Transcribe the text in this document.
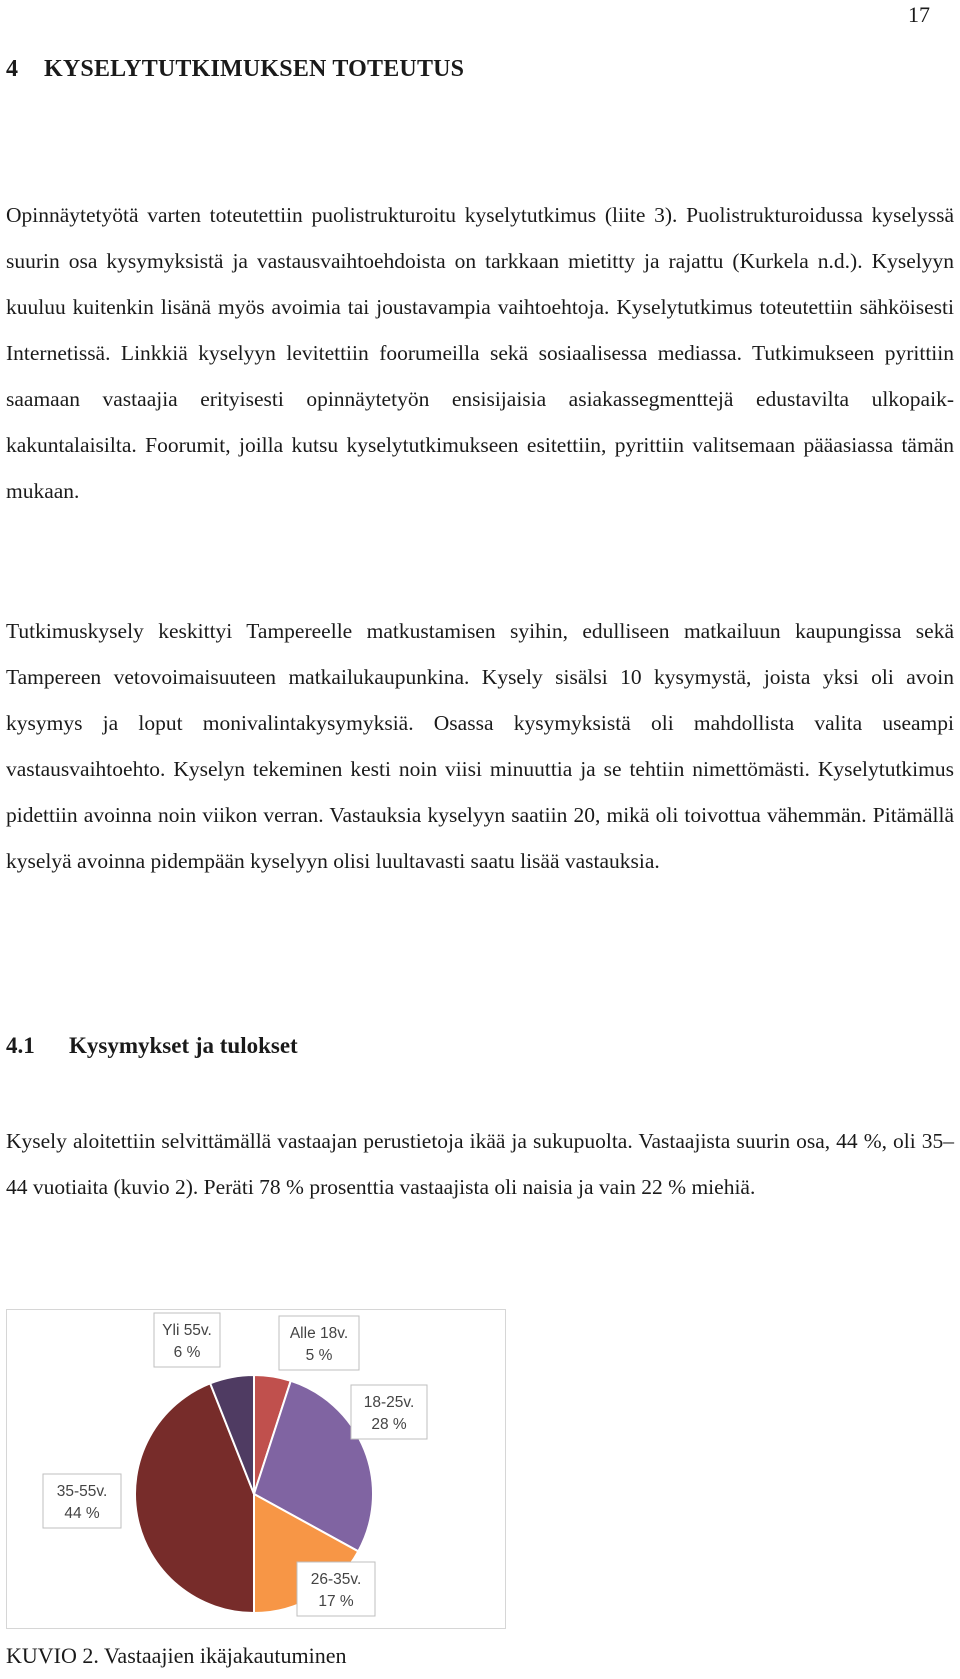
17
4 KYSELYTUTKIMUKSEN TOTEUTUS

Opinnäytetyötä varten toteutettiin puolistrukturoitu kyselytutkimus (liite 3). Puolistrukturoidussa kyselyssä suurin osa kysymyksistä ja vastausvaihtoehdoista on tarkkaan mietitty ja rajattu (Kurkela n.d.). Kyselyyn kuuluu kuitenkin lisänä myös avoimia tai joustavampia vaihtoehtoja. Kyselytutkimus toteutettiin sähköisesti Internetissä. Linkkiä kyselyyn levitettiin foorumeilla sekä sosiaalisessa mediassa. Tutkimukseen pyrittiin saamaan vastaajia erityisesti opinnäytetyön ensisijaisia asiakassegmenttejä edustavilta ulkopaikkakuntalaisilta. Foorumit, joilla kutsu kyselytutkimukseen esitettiin, pyrittiin valitsemaan pääasiassa tämän mukaan.

Tutkimuskysely keskittyi Tampereelle matkustamisen syihin, edulliseen matkailuun kaupungissa sekä Tampereen vetovoimaisuuteen matkailukaupunkina. Kysely sisälsi 10 kysymystä, joista yksi oli avoin kysymys ja loput monivalintakysymyksiä. Osassa kysymyksistä oli mahdollista valita useampi vastausvaihtoehto. Kyselyn tekeminen kesti noin viisi minuuttia ja se tehtiin nimettömästi. Kyselytutkimus pidettiin avoinna noin viikon verran. Vastauksia kyselyyn saatiin 20, mikä oli toivottua vähemmän. Pitämällä kyselyä avoinna pidempään kyselyyn olisi luultavasti saatu lisää vastauksia.

4.1 Kysymykset ja tulokset

Kysely aloitettiin selvittämällä vastaajan perustietoja ikää ja sukupuolta. Vastaajista suurin osa, 44 %, oli 35–44 vuotiaita (kuvio 2). Peräti 78 % prosenttia vastaajista oli naisia ja vain 22 % miehiä.

Alle 18v.
5 %
18-25v.
28 %
26-35v.
17 %
35-55v.
44 %
Yli 55v.
6 %

KUVIO 2. Vastaajien ikäjakautuminen
